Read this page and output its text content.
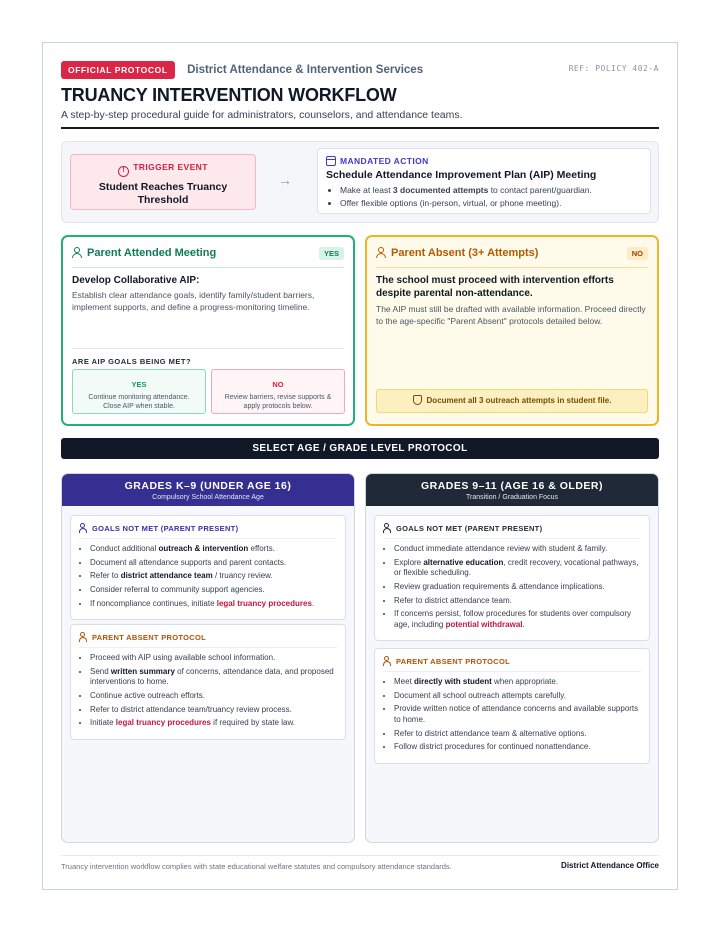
OFFICIAL PROTOCOL District Attendance & Intervention Services	REF: POLICY 402-A
TRUANCY INTERVENTION WORKFLOW
A step-by-step procedural guide for administrators, counselors, and attendance teams.
! TRIGGER EVENT
Student Reaches Truancy Threshold
→
MANDATED ACTION
Schedule Attendance Improvement Plan (AIP) Meeting
• Make at least 3 documented attempts to contact parent/guardian.
• Offer flexible options (in-person, virtual, or phone meeting).
Parent Attended Meeting	YES
Develop Collaborative AIP:
Establish clear attendance goals, identify family/student barriers, implement supports, and define a progress-monitoring timeline.
ARE AIP GOALS BEING MET?
YES
Continue monitoring attendance. Close AIP when stable.
NO
Review barriers, revise supports & apply protocols below.
Parent Absent (3+ Attempts)	NO
The school must proceed with intervention efforts despite parental non-attendance.
The AIP must still be drafted with available information. Proceed directly to the age-specific "Parent Absent" protocols detailed below.
Document all 3 outreach attempts in student file.
SELECT AGE / GRADE LEVEL PROTOCOL
GRADES K–9 (UNDER AGE 16)
Compulsory School Attendance Age
GOALS NOT MET (PARENT PRESENT)
• Conduct additional outreach & intervention efforts.
• Document all attendance supports and parent contacts.
• Refer to district attendance team / truancy review.
• Consider referral to community support agencies.
• If noncompliance continues, initiate legal truancy procedures.
PARENT ABSENT PROTOCOL
• Proceed with AIP using available school information.
• Send written summary of concerns, attendance data, and proposed interventions to home.
• Continue active outreach efforts.
• Refer to district attendance team/truancy review process.
• Initiate legal truancy procedures if required by state law.
GRADES 9–11 (AGE 16 & OLDER)
Transition / Graduation Focus
GOALS NOT MET (PARENT PRESENT)
• Conduct immediate attendance review with student & family.
• Explore alternative education, credit recovery, vocational pathways, or flexible scheduling.
• Review graduation requirements & attendance implications.
• Refer to district attendance team.
• If concerns persist, follow procedures for students over compulsory age, including potential withdrawal.
PARENT ABSENT PROTOCOL
• Meet directly with student when appropriate.
• Document all school outreach attempts carefully.
• Provide written notice of attendance concerns and available supports to home.
• Refer to district attendance team & alternative options.
• Follow district procedures for continued nonattendance.
Truancy intervention workflow complies with state educational welfare statutes and compulsory attendance standards.	District Attendance Office
